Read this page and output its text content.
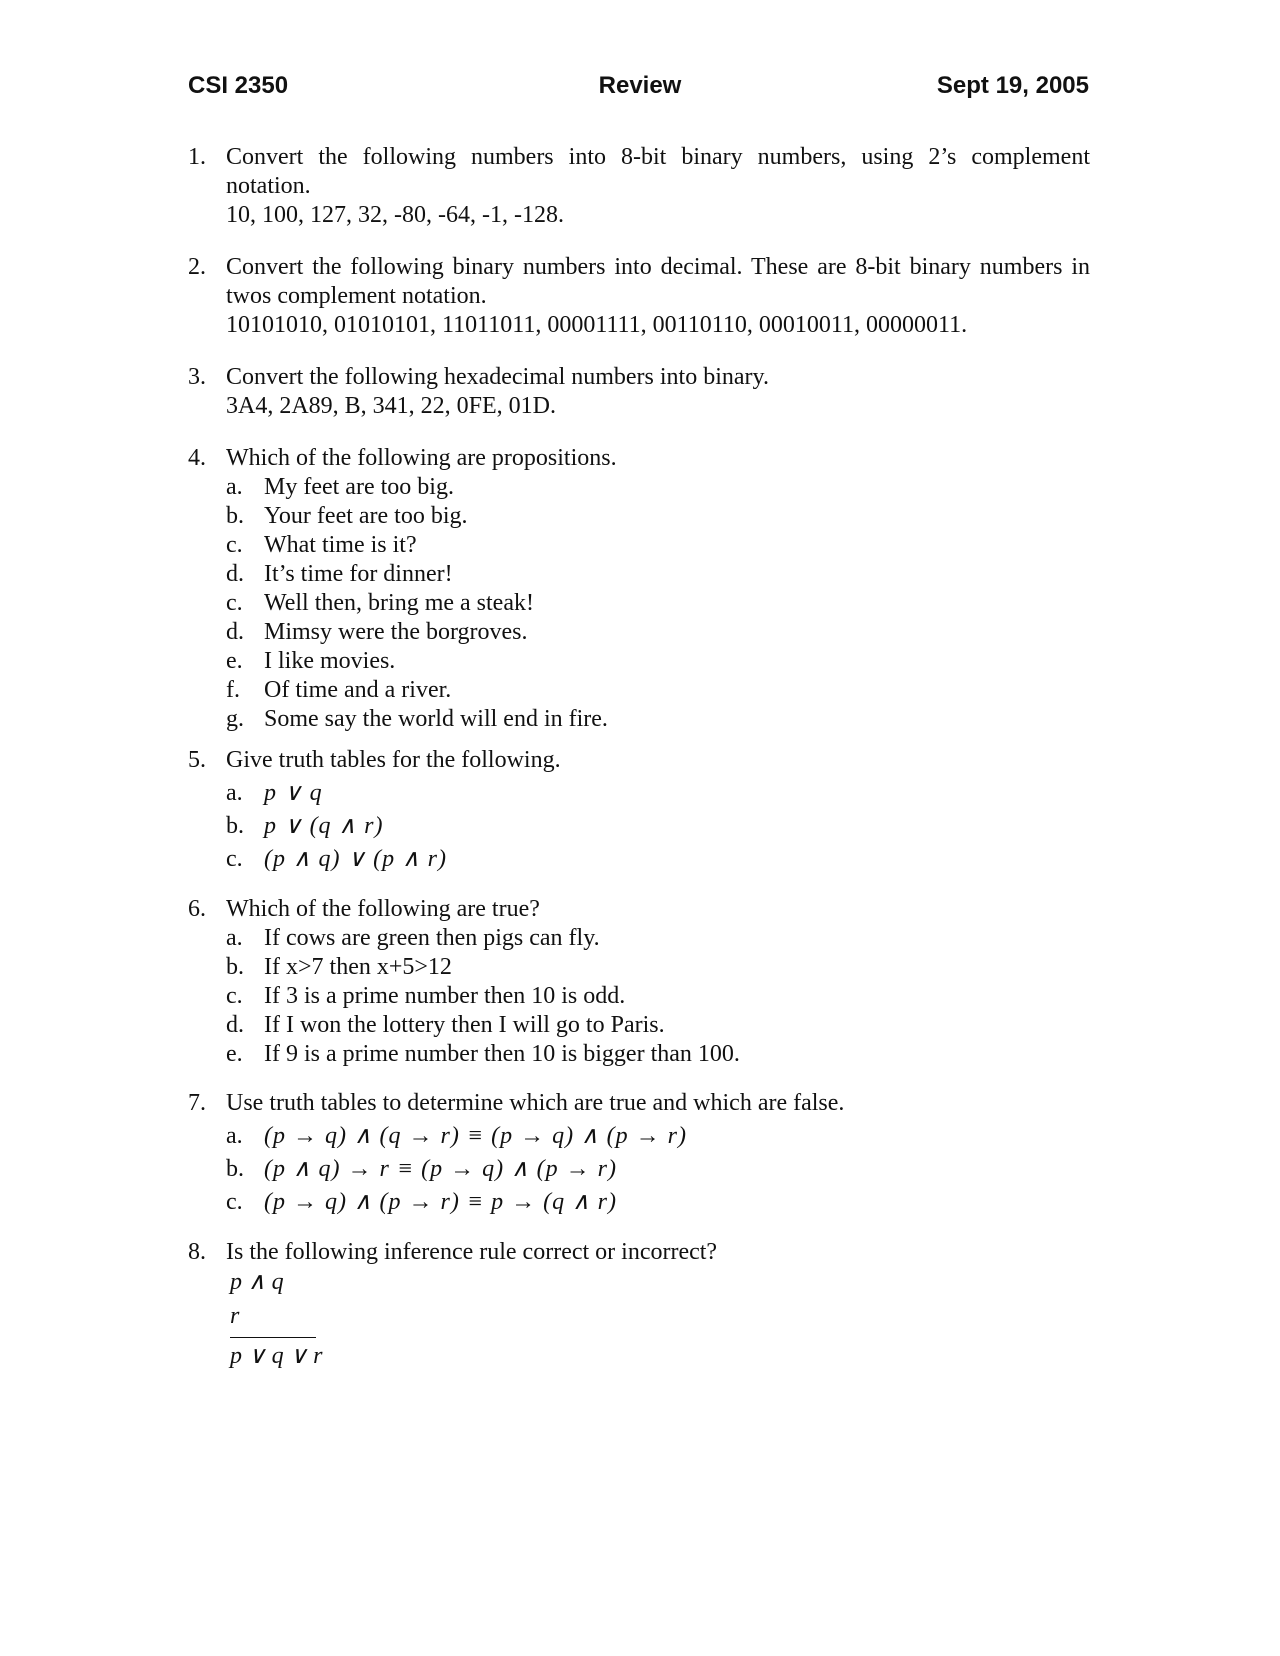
CSI 2350	Review	Sept 19, 2005
1. Convert the following numbers into 8-bit binary numbers, using 2’s complement notation.
10, 100, 127, 32, -80, -64, -1, -128.
2. Convert the following binary numbers into decimal. These are 8-bit binary numbers in twos complement notation.
10101010, 01010101, 11011011, 00001111, 00110110, 00010011, 00000011.
3. Convert the following hexadecimal numbers into binary.
3A4, 2A89, B, 341, 22, 0FE, 01D.
4. Which of the following are propositions.
a. My feet are too big.
b. Your feet are too big.
c. What time is it?
d. It’s time for dinner!
c. Well then, bring me a steak!
d. Mimsy were the borgroves.
e. I like movies.
f. Of time and a river.
g. Some say the world will end in fire.
5. Give truth tables for the following.
a. p ∨ q
b. p ∨ (q ∧ r)
c. (p ∧ q) ∨ (p ∧ r)
6. Which of the following are true?
a. If cows are green then pigs can fly.
b. If x>7 then x+5>12
c. If 3 is a prime number then 10 is odd.
d. If I won the lottery then I will go to Paris.
e. If 9 is a prime number then 10 is bigger than 100.
7. Use truth tables to determine which are true and which are false.
a. (p → q) ∧ (q → r) ≡ (p → q) ∧ (p → r)
b. (p ∧ q) → r ≡ (p → q) ∧ (p → r)
c. (p → q) ∧ (p → r) ≡ p → (q ∧ r)
8. Is the following inference rule correct or incorrect?
p ∧ q
r
p ∨ q ∨ r
